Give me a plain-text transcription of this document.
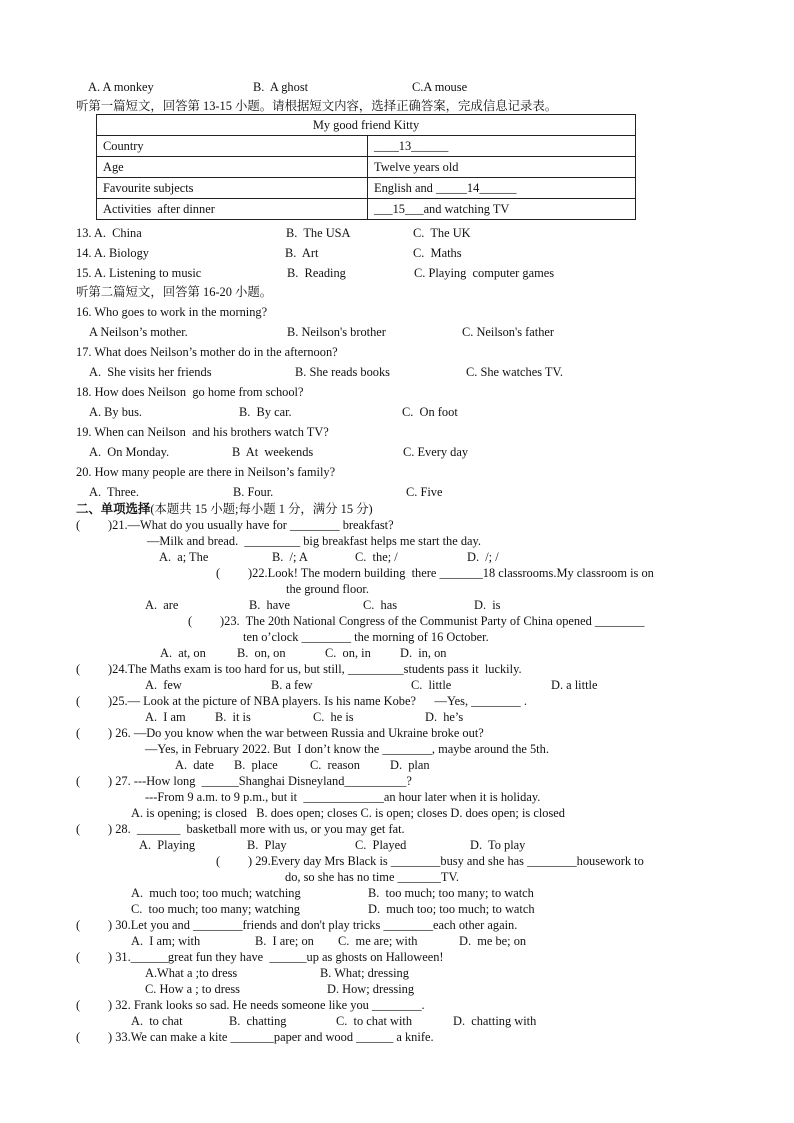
A. A monkey	B.  A ghost	C.A mouse
听第一篇短文，回答第 13-15 小题。请根据短文内容，选择正确答案，完成信息记录表。
My good friend Kitty	
Country	____13______
Age	Twelve years old
Favourite subjects	English and _____14______
Activities  after dinner	___15___and watching TV
13. A.  China	B.  The USA	C.  The UK
14. A. Biology	B.  Art	C.  Maths
15. A. Listening to music	B.  Reading	C. Playing  computer games
听第二篇短文，回答第 16-20 小题。
16. Who goes to work in the morning?
A Neilson’s mother.	B. Neilson's brother	C. Neilson's father
17. What does Neilson’s mother do in the afternoon?
A.  She visits her friends	B. She reads books	C. She watches TV.
18. How does Neilson  go home from school?
A. By bus.	B.  By car.	C.  On foot
19. When can Neilson  and his brothers watch TV?
A.  On Monday.	B  At  weekends	C. Every day
20. How many people are there in Neilson’s family?
A.  Three.	B. Four.	C. Five
二、单项选择(本题共 15 小题;每小题 1 分，满分 15 分)
(         )21.—What do you usually have for ________ breakfast?
—Milk and bread.  _________ big breakfast helps me start the day.
A.  a; The	B.  /; A	C.  the; /	D.  /; /
(         )22.Look! The modern building  there _______18 classrooms.My classroom is on
the ground floor.
A.  are	B.  have	C.  has	D.  is
(         )23.  The 20th National Congress of the Communist Party of China opened ________
ten o’clock ________ the morning of 16 October.
A.  at, on	B.  on, on	C.  on, in D.  in, on
(         )24.The Maths exam is too hard for us, but still, _________students pass it  luckily.
A.  few	B. a few	C.  little	D. a little
(         )25.— Look at the picture of NBA players. Is his name Kobe?      —Yes, ________ .
A.  I am B.  it is	C.  he is	D.  he’s
(         ) 26. —Do you know when the war between Russia and Ukraine broke out?
—Yes, in February 2022. But  I don’t know the ________, maybe around the 5th.
A.  date B.  place	C.  reason D.  plan
(         ) 27. ---How long  ______Shanghai Disneyland__________?
---From 9 a.m. to 9 p.m., but it  _____________an hour later when it is holiday.
A. is opening; is closed   B. does open; closes C. is open; closes D. does open; is closed
(         ) 28.  _______  basketball more with us, or you may get fat.
A.  Playing	B.  Play	C.  Played	D.  To play
(         ) 29.Every day Mrs Black is ________busy and she has ________housework to
do, so she has no time _______TV.
A.  much too; too much; watching	B.  too much; too many; to watch
C.  too much; too many; watching	D.  much too; too much; to watch
(         ) 30.Let you and ________friends and don't play tricks ________each other again.
A.  I am; with	B.  I are; on C.  me are; with	D.  me be; on
(         ) 31.______great fun they have  ______up as ghosts on Halloween!
A.What a ;to dress	B. What; dressing
C. How a ; to dress	D. How; dressing
(         ) 32. Frank looks so sad. He needs someone like you ________.
A.  to chat	B.  chatting	C.  to chat with	D.  chatting with
(         ) 33.We can make a kite _______paper and wood ______ a knife.
